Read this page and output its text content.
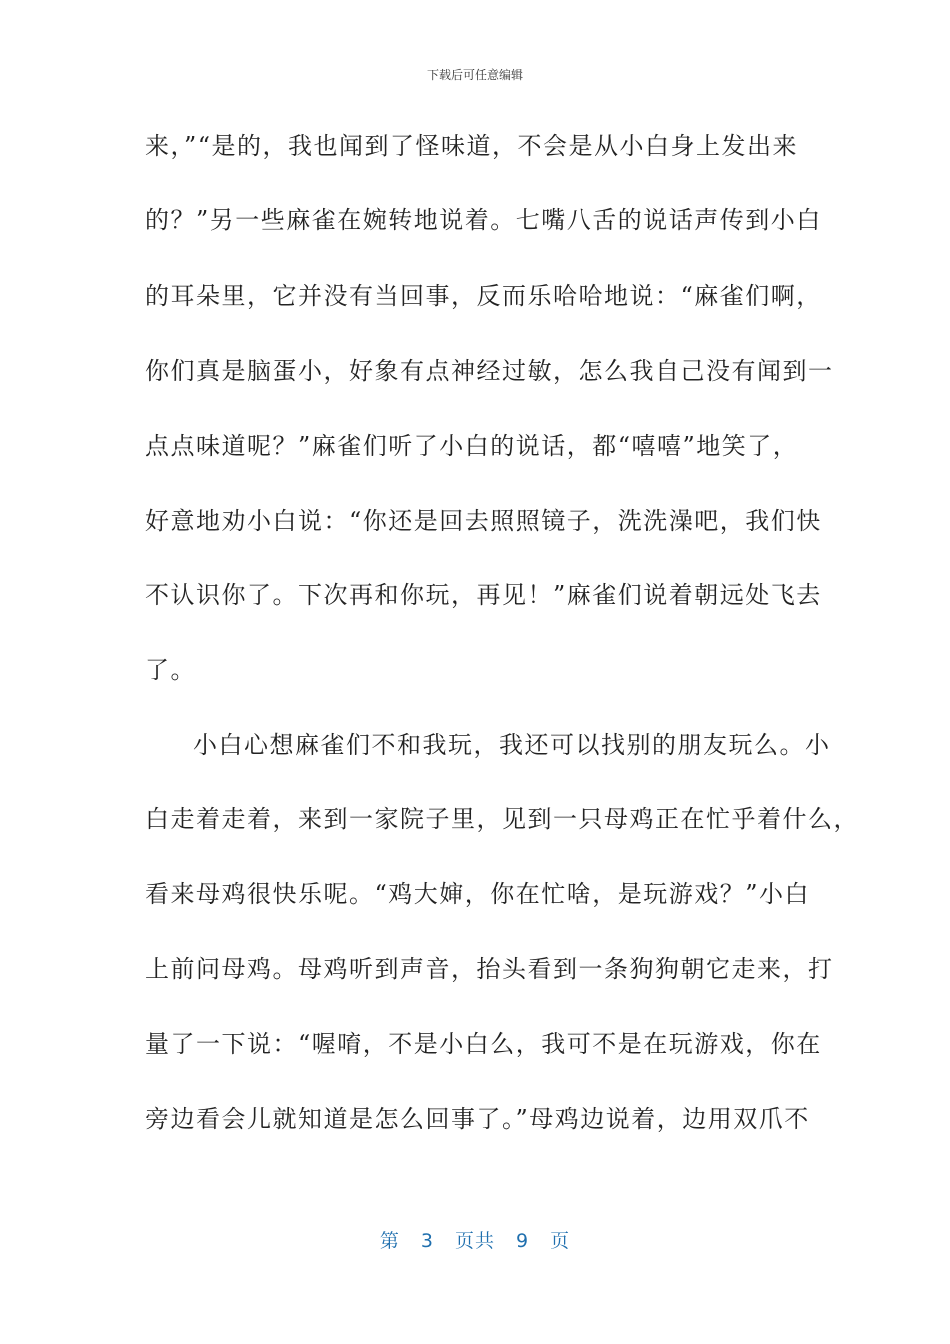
下载后可任意编辑
来，”“是的，我也闻到了怪味道，不会是从小白身上发出来
的？”另一些麻雀在婉转地说着。七嘴八舌的说话声传到小白
的耳朵里，它并没有当回事，反而乐哈哈地说：“麻雀们啊，
你们真是脑蛋小，好象有点神经过敏，怎么我自己没有闻到一
点点味道呢？”麻雀们听了小白的说话，都“嘻嘻”地笑了，
好意地劝小白说：“你还是回去照照镜子，洗洗澡吧，我们快
不认识你了。下次再和你玩，再见！”麻雀们说着朝远处飞去
了。
小白心想麻雀们不和我玩，我还可以找别的朋友玩么。小
白走着走着，来到一家院子里，见到一只母鸡正在忙乎着什么，
看来母鸡很快乐呢。“鸡大婶，你在忙啥，是玩游戏？”小白
上前问母鸡。母鸡听到声音，抬头看到一条狗狗朝它走来，打
量了一下说：“喔唷，不是小白么，我可不是在玩游戏，你在
旁边看会儿就知道是怎么回事了。”母鸡边说着，边用双爪不
第 3 页共 9 页
